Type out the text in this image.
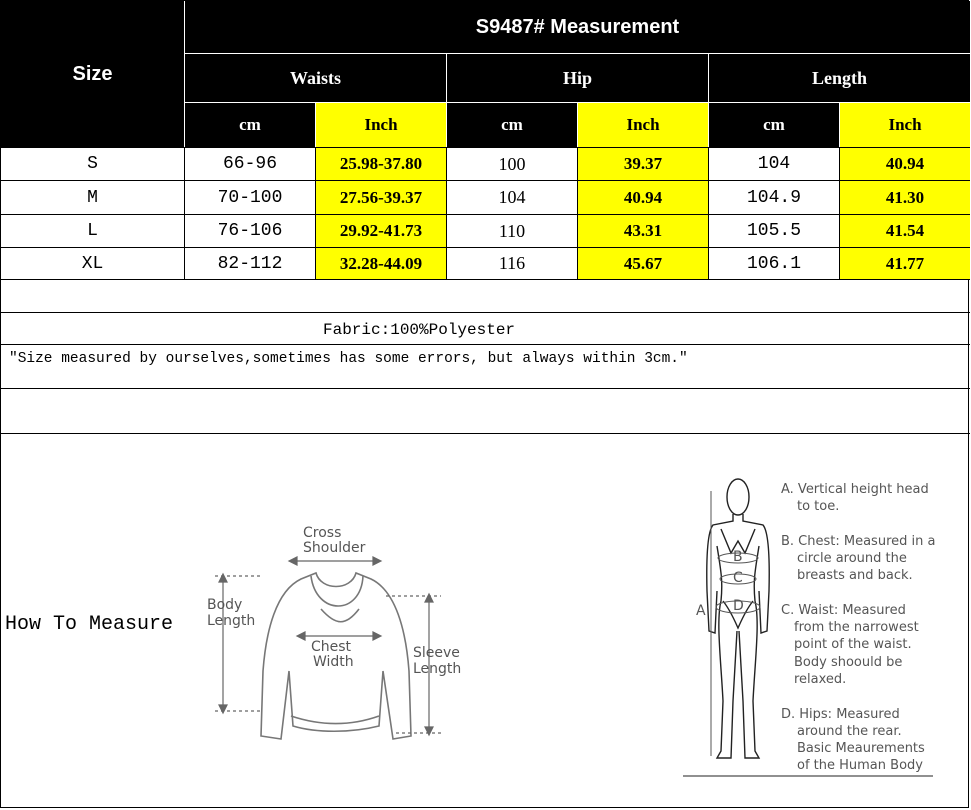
Size
S9487# Measurement
Waists	Hip	Length
cm	Inch	cm	Inch	cm	Inch
S	66-96	25.98-37.80	100	39.37	104	40.94
M	70-100	27.56-39.37	104	40.94	104.9	41.30
L	76-106	29.92-41.73	110	43.31	105.5	41.54
XL	82-112	32.28-44.09	116	45.67	106.1	41.77
Fabric:100%Polyester
"Size measured by ourselves,sometimes has some errors, but always within 3cm."
How To Measure
Cross
Shoulder
Body
Length
Chest
Width
Sleeve
Length
B
C
D
A
A. Vertical height head
to toe.
B. Chest: Measured in a
circle around the
breasts and back.
C. Waist: Measured
from the narrowest
point of the waist.
Body shoould be
relaxed.
D. Hips: Measured
around the rear.
Basic Meaurements
of the Human Body
